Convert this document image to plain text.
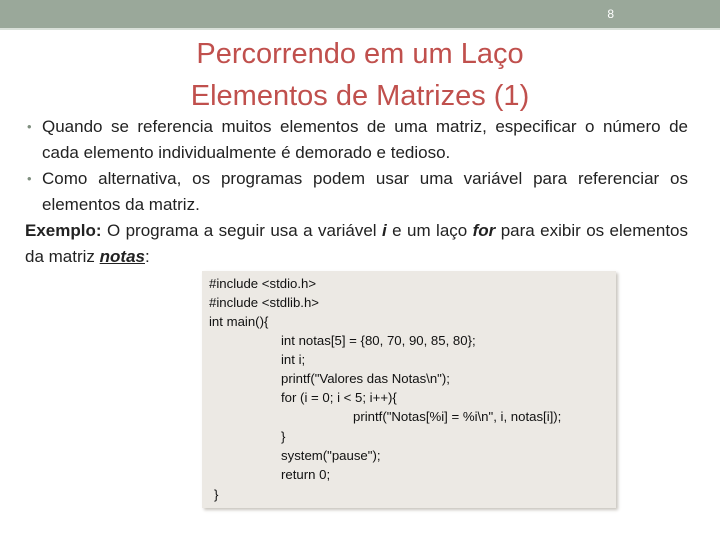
8
Percorrendo em um Laço
Elementos de Matrizes (1)
• Quando se referencia muitos elementos de uma matriz, especificar o número de cada elemento individualmente é demorado e tedioso.
• Como alternativa, os programas podem usar uma variável para referenciar os elementos da matriz.
Exemplo: O programa a seguir usa a variável i e um laço for para exibir os elementos da matriz notas:
#include <stdio.h>
#include <stdlib.h>
int main(){
int notas[5] = {80, 70, 90, 85, 80};
int i;
printf("Valores das Notas\n");
for (i = 0; i < 5; i++){
printf("Notas[%i] = %i\n", i, notas[i]);
}
system("pause");
return 0;
}
